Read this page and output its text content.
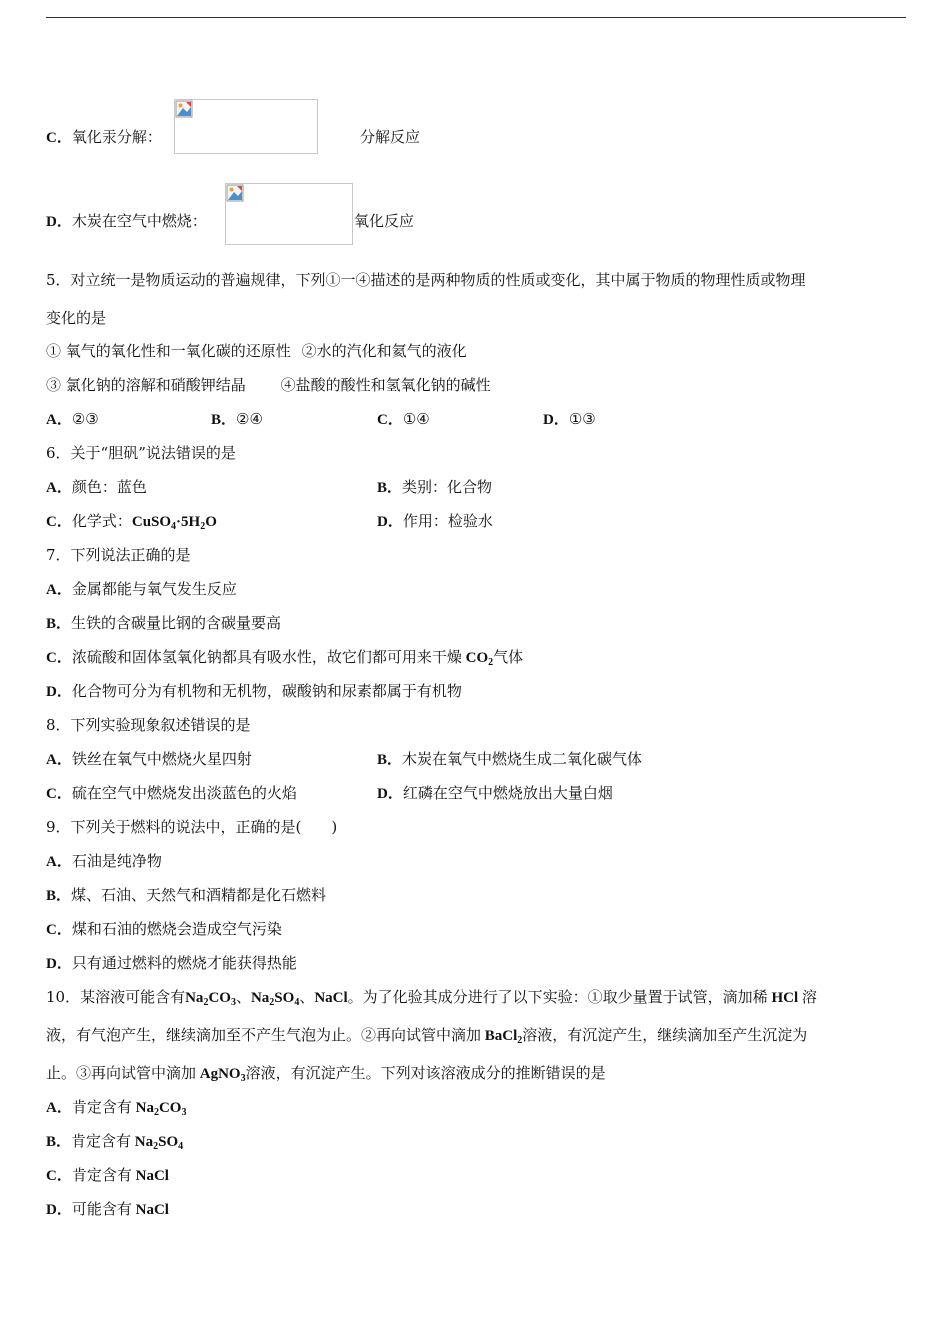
C．氧化汞分解：	分解反应
D．木炭在空气中燃烧：	氧化反应
5．对立统一是物质运动的普遍规律，下列①一④描述的是两种物质的性质或变化，其中属于物质的物理性质或物理
变化的是
① 氧气的氧化性和一氧化碳的还原性 ②水的汽化和氦气的液化
③ 氯化钠的溶解和硝酸钾结晶 ④盐酸的酸性和氢氧化钠的碱性
A．②③	B．②④	C．①④	D．①③
6．关于“胆矾”说法错误的是
A．颜色：蓝色	B．类别：化合物
C．化学式：$CuSO_4\cdot 5H_2O$	D．作用：检验水
7．下列说法正确的是
A．金属都能与氧气发生反应
B．生铁的含碳量比钢的含碳量要高
C．浓硫酸和固体氢氧化钠都具有吸水性，故它们都可用来干燥 $CO_2$气体
D．化合物可分为有机物和无机物，碳酸钠和尿素都属于有机物
8．下列实验现象叙述错误的是
A．铁丝在氧气中燃烧火星四射	B．木炭在氧气中燃烧生成二氧化碳气体
C．硫在空气中燃烧发出淡蓝色的火焰	D．红磷在空气中燃烧放出大量白烟
9．下列关于燃料的说法中，正确的是(　　)
A．石油是纯净物
B．煤、石油、天然气和酒精都是化石燃料
C．煤和石油的燃烧会造成空气污染
D．只有通过燃料的燃烧才能获得热能
10．某溶液可能含有$Na_2CO_3$、$Na_2SO_4$、NaCl。为了化验其成分进行了以下实验：①取少量置于试管，滴加稀 HCl 溶
液，有气泡产生，继续滴加至不产生气泡为止。②再向试管中滴加 BaCl$_2$溶液，有沉淀产生，继续滴加至产生沉淀为
止。③再向试管中滴加 AgNO$_3$溶液，有沉淀产生。下列对该溶液成分的推断错误的是
A．肯定含有 $Na_2CO_3$
B．肯定含有 $Na_2SO_4$
C．肯定含有 NaCl
D．可能含有 NaCl
